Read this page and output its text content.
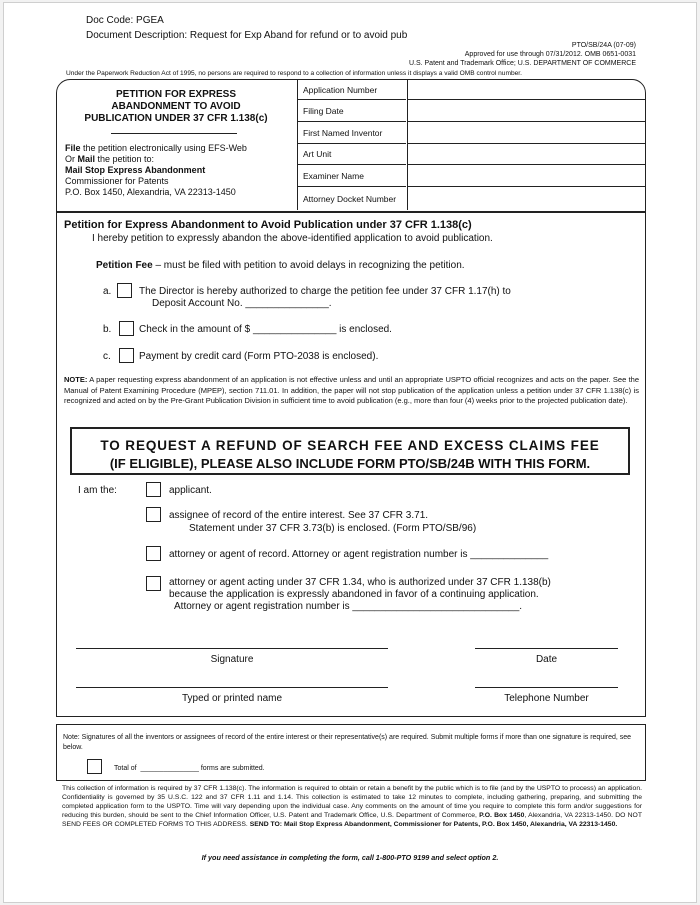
Doc Code: PGEA
Document Description: Request for Exp Aband for refund or to avoid pub
PTO/SB/24A (07-09)
Approved for use through 07/31/2012. OMB 0651-0031
U.S. Patent and Trademark Office; U.S. DEPARTMENT OF COMMERCE
Under the Paperwork Reduction Act of 1995, no persons are required to respond to a collection of information unless it displays a valid OMB control number.
PETITION FOR EXPRESS
ABANDONMENT TO AVOID
PUBLICATION UNDER 37 CFR 1.138(c)
File the petition electronically using EFS-Web
Or Mail the petition to:
Mail Stop Express Abandonment
Commissioner for Patents
P.O. Box 1450, Alexandria, VA 22313-1450
Application Number
Filing Date
First Named Inventor
Art Unit
Examiner Name
Attorney Docket Number
Petition for Express Abandonment to Avoid Publication under 37 CFR 1.138(c)
I hereby petition to expressly abandon the above-identified application to avoid publication.
Petition Fee – must be filed with petition to avoid delays in recognizing the petition.
a.	The Director is hereby authorized to charge the petition fee under 37 CFR 1.17(h) to
Deposit Account No. _______________.
b.	Check in the amount of $ _______________ is enclosed.
c.	Payment by credit card (Form PTO-2038 is enclosed).
NOTE: A paper requesting express abandonment of an application is not effective unless and until an appropriate USPTO official recognizes and acts on the paper. See the Manual of Patent Examining Procedure (MPEP), section 711.01. In addition, the paper will not stop publication of the application unless a petition under 37 CFR 1.138(c) is recognized and acted on by the Pre-Grant Publication Division in sufficient time to avoid publication (e.g., more than four (4) weeks prior to the projected publication date).
TO REQUEST A REFUND OF SEARCH FEE AND EXCESS CLAIMS FEE
(IF ELIGIBLE), PLEASE ALSO INCLUDE FORM PTO/SB/24B WITH THIS FORM.
I am the:	applicant.
assignee of record of the entire interest. See 37 CFR 3.71.
Statement under 37 CFR 3.73(b) is enclosed. (Form PTO/SB/96)
attorney or agent of record. Attorney or agent registration number is ______________
attorney or agent acting under 37 CFR 1.34, who is authorized under 37 CFR 1.138(b)
because the application is expressly abandoned in favor of a continuing application.
Attorney or agent registration number is ______________________________.
Signature	Date
Typed or printed name	Telephone Number
Note: Signatures of all the inventors or assignees of record of the entire interest or their representative(s) are required. Submit multiple forms if more than one signature is required, see below.
Total of _______________ forms are submitted.
This collection of information is required by 37 CFR 1.138(c). The information is required to obtain or retain a benefit by the public which is to file (and by the USPTO to process) an application. Confidentiality is governed by 35 U.S.C. 122 and 37 CFR 1.11 and 1.14. This collection is estimated to take 12 minutes to complete, including gathering, preparing, and submitting the completed application form to the USPTO. Time will vary depending upon the individual case. Any comments on the amount of time you require to complete this form and/or suggestions for reducing this burden, should be sent to the Chief Information Officer, U.S. Patent and Trademark Office, U.S. Department of Commerce, P.O. Box 1450, Alexandria, VA 22313-1450. DO NOT SEND FEES OR COMPLETED FORMS TO THIS ADDRESS. SEND TO: Mail Stop Express Abandonment, Commissioner for Patents, P.O. Box 1450, Alexandria, VA 22313-1450.
If you need assistance in completing the form, call 1-800-PTO 9199 and select option 2.
